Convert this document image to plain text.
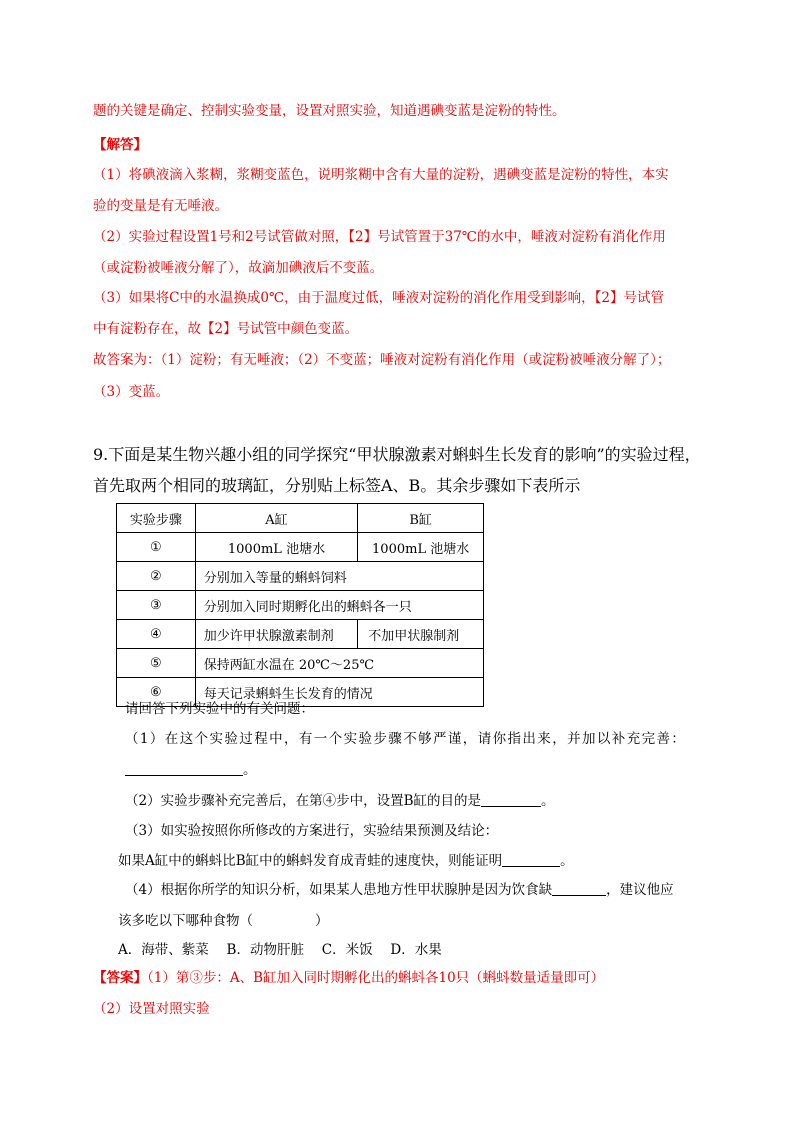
题的关键是确定、控制实验变量，设置对照实验，知道遇碘变蓝是淀粉的特性。
【解答】
（1）将碘液滴入浆糊，浆糊变蓝色，说明浆糊中含有大量的淀粉，遇碘变蓝是淀粉的特性，本实
验的变量是有无唾液。
（2）实验过程设置1号和2号试管做对照，【2】号试管置于37℃的水中，唾液对淀粉有消化作用
（或淀粉被唾液分解了），故滴加碘液后不变蓝。
（3）如果将C中的水温换成0℃，由于温度过低，唾液对淀粉的消化作用受到影响，【2】号试管
中有淀粉存在，故【2】号试管中颜色变蓝。
故答案为：（1）淀粉；有无唾液；（2）不变蓝；唾液对淀粉有消化作用（或淀粉被唾液分解了）；
（3）变蓝。
9.下面是某生物兴趣小组的同学探究“甲状腺激素对蝌蚪生长发育的影响”的实验过程，
首先取两个相同的玻璃缸，分别贴上标签A、B。其余步骤如下表所示
实验步骤	A缸	B缸
①	1000mL 池塘水	1000mL 池塘水
②	分别加入等量的蝌蚪饲料	
③	分别加入同时期孵化出的蝌蚪各一只	
④	加少许甲状腺激素制剂	不加甲状腺制剂
⑤	保持两缸水温在 20℃～25℃	
⑥	每天记录蝌蚪生长发育的情况	
请回答下列实验中的有关问题：
（1）在这个实验过程中，有一个实验步骤不够严谨，请你指出来，并加以补充完善：
。
（2）实验步骤补充完善后，在第④步中，设置B缸的目的是	。
（3）如实验按照你所修改的方案进行，实验结果预测及结论：
如果A缸中的蝌蚪比B缸中的蝌蚪发育成青蛙的速度快，则能证明	。
（4）根据你所学的知识分析，如果某人患地方性甲状腺肿是因为饮食缺	，建议他应
该多吃以下哪种食物（	）
A．海带、紫菜　 B．动物肝脏　 C．米饭　 D．水果
【答案】（1）第③步：A、B缸加入同时期孵化出的蝌蚪各10只（蝌蚪数量适量即可）
（2）设置对照实验
